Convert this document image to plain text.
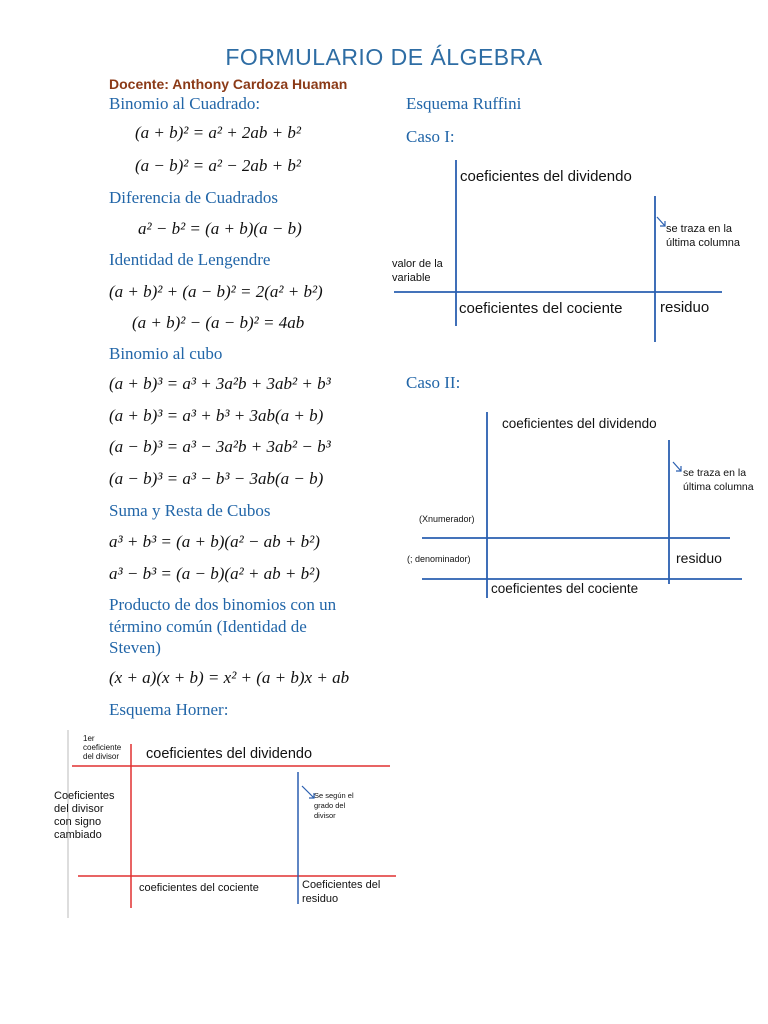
FORMULARIO DE ÁLGEBRA
Docente: Anthony Cardoza Huaman
Binomio al Cuadrado:
(a + b)² = a² + 2ab + b²
(a − b)² = a² − 2ab + b²
Diferencia de Cuadrados
a² − b² = (a + b)(a − b)
Identidad de Lengendre
(a + b)² + (a − b)² = 2(a² + b²)
(a + b)² − (a − b)² = 4ab
Binomio al cubo
(a + b)³ = a³ + 3a²b + 3ab² + b³
(a + b)³ = a³ + b³ + 3ab(a + b)
(a − b)³ = a³ − 3a²b + 3ab² − b³
(a − b)³ = a³ − b³ − 3ab(a − b)
Suma y Resta de Cubos
a³ + b³ = (a + b)(a² − ab + b²)
a³ − b³ = (a − b)(a² + ab + b²)
Producto de dos binomios con un
término común (Identidad de
Steven)
(x + a)(x + b) = x² + (a + b)x + ab
Esquema Horner:
1er
coeficiente
del divisor coeficientes del dividendo
Coeficientes
del divisor
con signo
cambiado
Se según el
grado del
divisor
coeficientes del cociente	Coeficientes del
residuo
Esquema Ruffini
Caso I:
coeficientes del dividendo
se traza en la
última columna
valor de la
variable
coeficientes del cociente	residuo
Caso II:
coeficientes del dividendo
se traza en la
última columna
(Xnumerador)
(; denominador)	residuo
coeficientes del cociente
